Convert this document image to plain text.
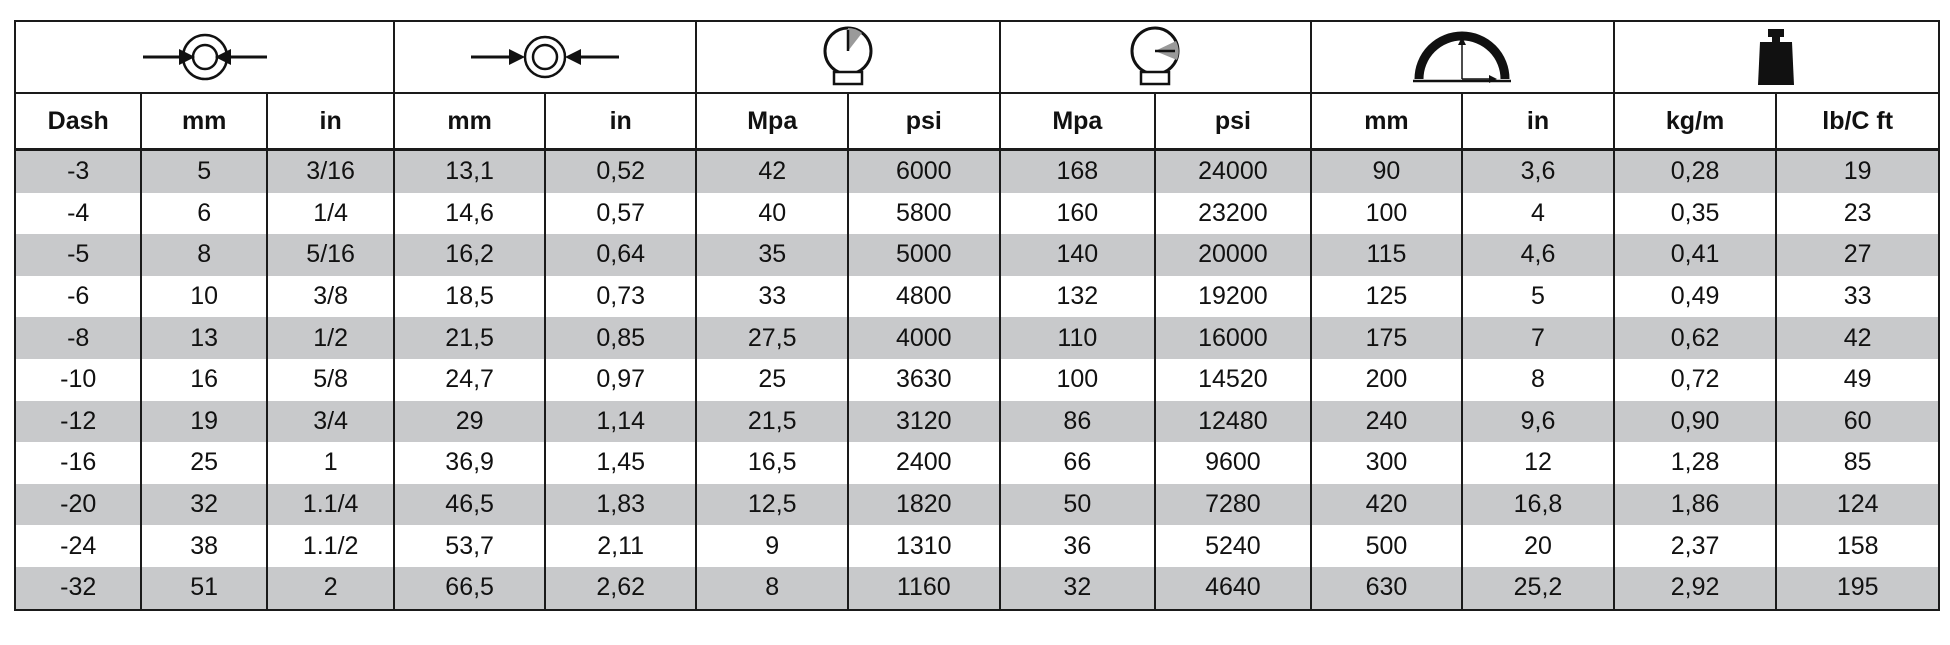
Dash	mm	in	mm	in	Mpa	psi	Mpa	psi	mm	in	kg/m	lb/C ft
-3	5	3/16	13,1	0,52	42	6000	168	24000	90	3,6	0,28	19
-4	6	1/4	14,6	0,57	40	5800	160	23200	100	4	0,35	23
-5	8	5/16	16,2	0,64	35	5000	140	20000	115	4,6	0,41	27
-6	10	3/8	18,5	0,73	33	4800	132	19200	125	5	0,49	33
-8	13	1/2	21,5	0,85	27,5	4000	110	16000	175	7	0,62	42
-10	16	5/8	24,7	0,97	25	3630	100	14520	200	8	0,72	49
-12	19	3/4	29	1,14	21,5	3120	86	12480	240	9,6	0,90	60
-16	25	1	36,9	1,45	16,5	2400	66	9600	300	12	1,28	85
-20	32	1.1/4	46,5	1,83	12,5	1820	50	7280	420	16,8	1,86	124
-24	38	1.1/2	53,7	2,11	9	1310	36	5240	500	20	2,37	158
-32	51	2	66,5	2,62	8	1160	32	4640	630	25,2	2,92	195
